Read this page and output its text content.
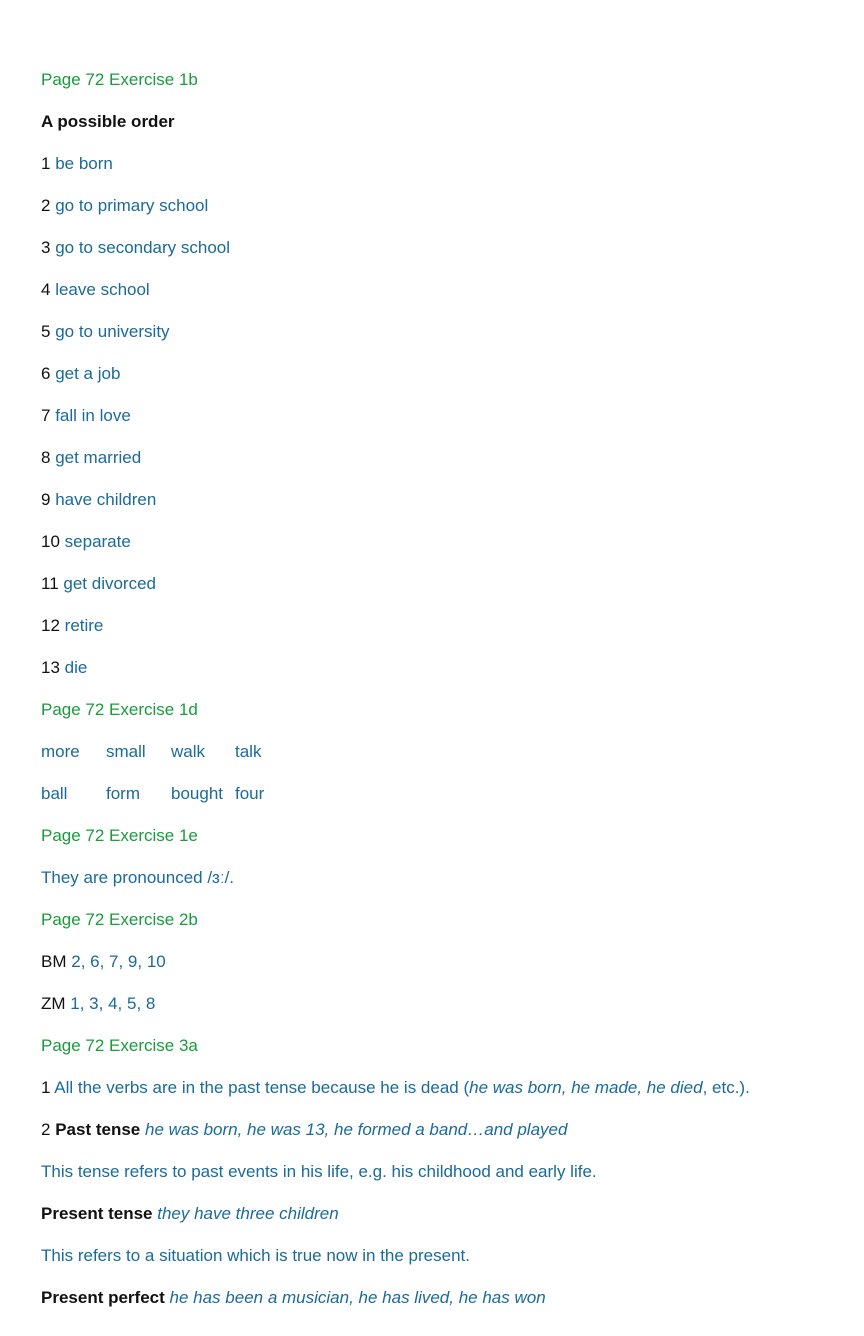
Page 72 Exercise 1b
A possible order
1 be born
2 go to primary school
3 go to secondary school
4 leave school
5 go to university
6 get a job
7 fall in love
8 get married
9 have children
10 separate
11 get divorced
12 retire
13 die
Page 72 Exercise 1d
more small walk talk
ball form bought four
Page 72 Exercise 1e
They are pronounced /ɜː/.
Page 72 Exercise 2b
BM 2, 6, 7, 9, 10
ZM 1, 3, 4, 5, 8
Page 72 Exercise 3a
1 All the verbs are in the past tense because he is dead (he was born, he made, he died, etc.).
2 Past tense he was born, he was 13, he formed a band…and played
This tense refers to past events in his life, e.g. his childhood and early life.
Present tense they have three children
This refers to a situation which is true now in the present.
Present perfect he has been a musician, he has lived, he has won
